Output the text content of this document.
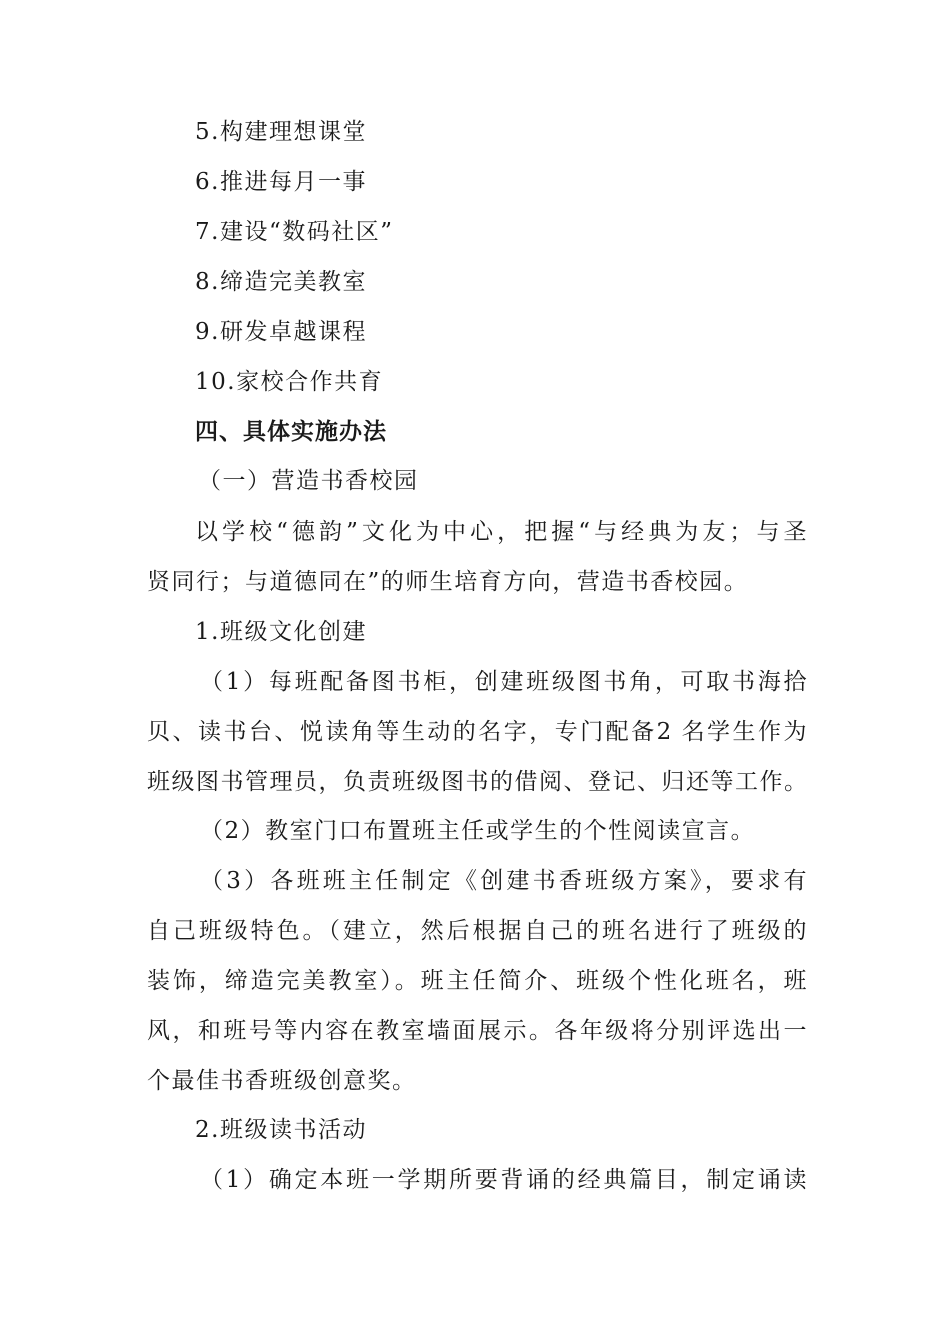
5.构建理想课堂
6.推进每月一事
7.建设“数码社区”
8.缔造完美教室
9.研发卓越课程
10.家校合作共育
四、具体实施办法
（一）营造书香校园
以学校“德韵”文化为中心，把握“与经典为友；与圣
贤同行；与道德同在”的师生培育方向，营造书香校园。
1.班级文化创建
（1）每班配备图书柜，创建班级图书角，可取书海拾
贝、读书台、悦读角等生动的名字，专门配备2 名学生作为
班级图书管理员，负责班级图书的借阅、登记、归还等工作。
（2）教室门口布置班主任或学生的个性阅读宣言。
（3）各班班主任制定《创建书香班级方案》，要求有
自己班级特色。（建立，然后根据自己的班名进行了班级的
装饰，缔造完美教室）。班主任简介、班级个性化班名，班
风，和班号等内容在教室墙面展示。各年级将分别评选出一
个最佳书香班级创意奖。
2.班级读书活动
（1）确定本班一学期所要背诵的经典篇目，制定诵读
